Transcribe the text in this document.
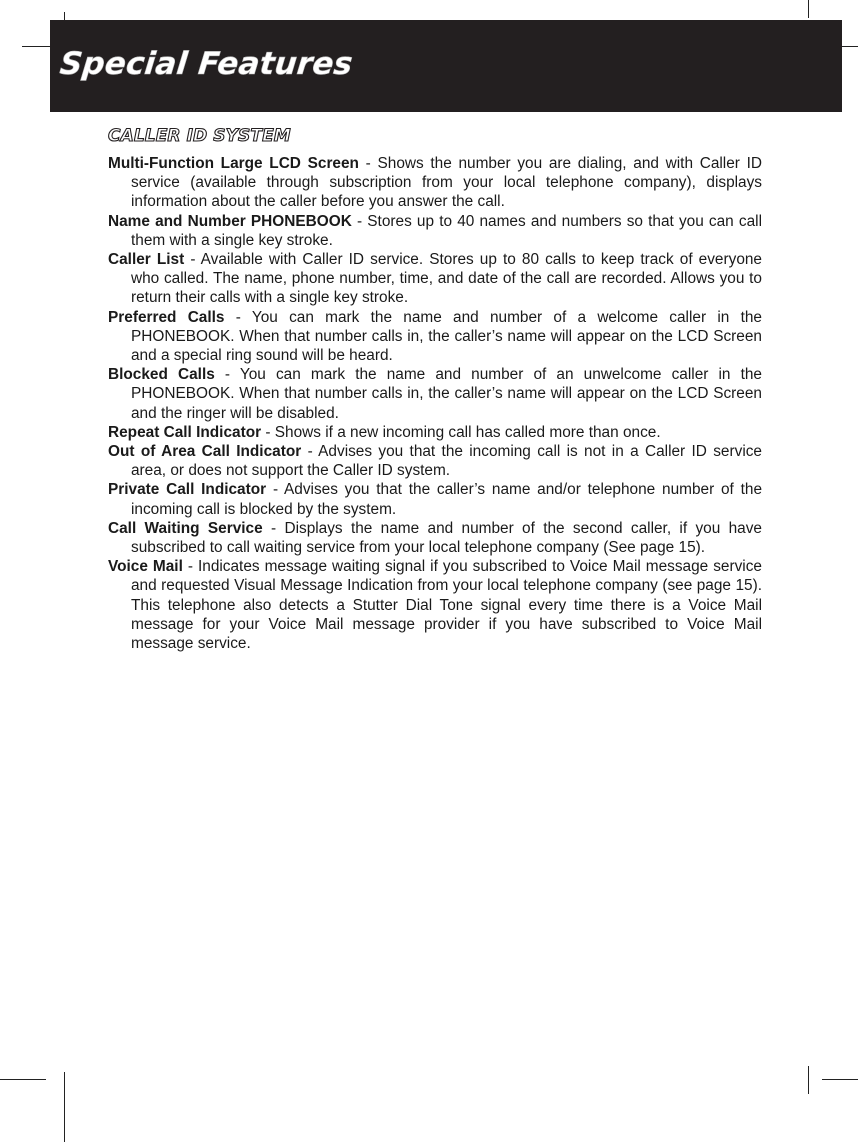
Special Features
CALLER ID SYSTEM

Multi-Function Large LCD Screen - Shows the number you are dialing, and with Caller ID service (available through subscription from your local telephone company), displays information about the caller before you answer the call.

Name and Number PHONEBOOK - Stores up to 40 names and numbers so that you can call them with a single key stroke.

Caller List - Available with Caller ID service. Stores up to 80 calls to keep track of everyone who called. The name, phone number, time, and date of the call are recorded. Allows you to return their calls with a single key stroke.

Preferred Calls - You can mark the name and number of a welcome caller in the PHONEBOOK. When that number calls in, the caller’s name will appear on the LCD Screen and a special ring sound will be heard.

Blocked Calls - You can mark the name and number of an unwelcome caller in the PHONEBOOK. When that number calls in, the caller’s name will appear on the LCD Screen and the ringer will be disabled.

Repeat Call Indicator - Shows if a new incoming call has called more than once.

Out of Area Call Indicator - Advises you that the incoming call is not in a Caller ID service area, or does not support the Caller ID system.

Private Call Indicator - Advises you that the caller’s name and/or telephone number of the incoming call is blocked by the system.

Call Waiting Service - Displays the name and number of the second caller, if you have subscribed to call waiting service from your local telephone company (See page 15).

Voice Mail - Indicates message waiting signal if you subscribed to Voice Mail message service and requested Visual Message Indication from your local telephone company (see page 15). This telephone also detects a Stutter Dial Tone signal every time there is a Voice Mail message for your Voice Mail message provider if you have subscribed to Voice Mail message service.
